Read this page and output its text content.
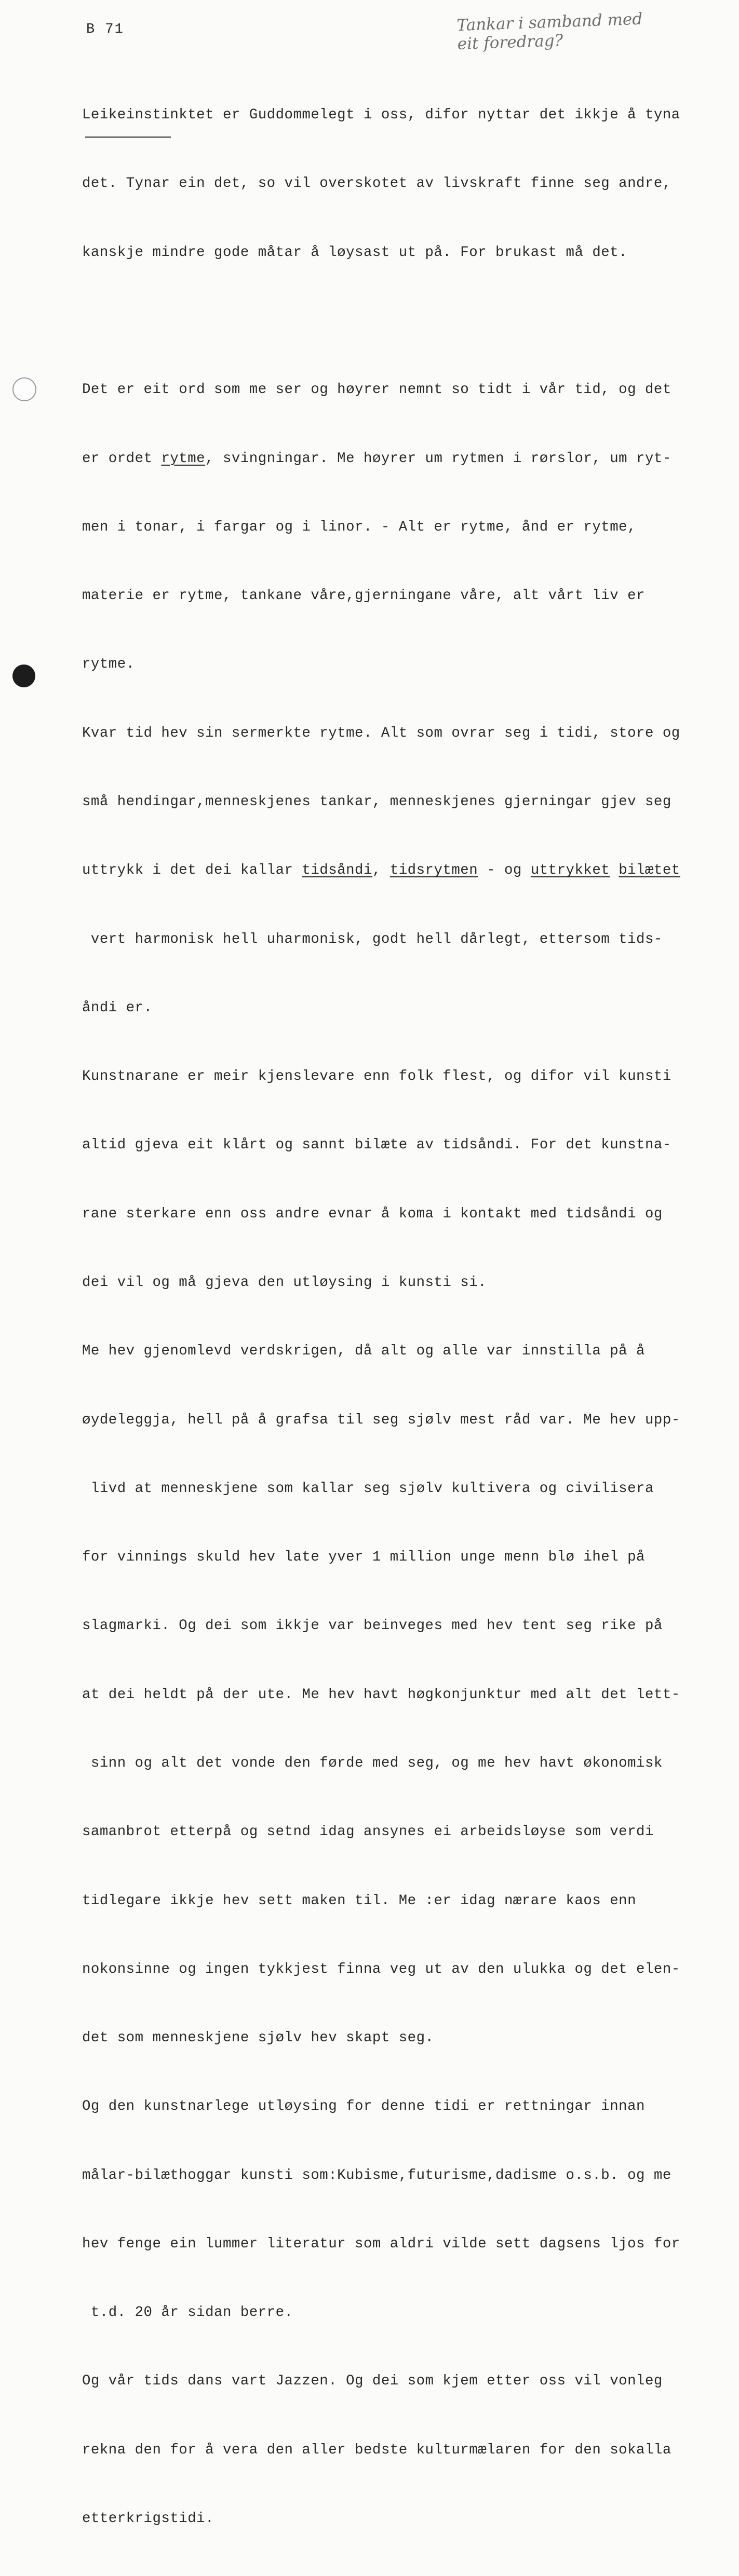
B 71	Tankar i samband med
eit foredrag?

Leikeinstinktet er Guddommelegt i oss, difor nyttar det ikkje å tyna

det. Tynar ein det, so vil overskotet av livskraft finne seg andre,

kanskje mindre gode måtar å løysast ut på. For brukast må det.

Det er eit ord som me ser og høyrer nemnt so tidt i vår tid, og det

er ordet rytme, svingningar. Me høyrer um rytmen i rørslor, um ryt-

men i tonar, i fargar og i linor. - Alt er rytme, ånd er rytme,

materie er rytme, tankane våre,gjerningane våre, alt vårt liv er

rytme.

Kvar tid hev sin sermerkte rytme. Alt som ovrar seg i tidi, store og

små hendingar,menneskjenes tankar, menneskjenes gjerningar gjev seg

uttrykk i det dei kallar tidsåndi, tidsrytmen - og uttrykket bilætet

vert harmonisk hell uharmonisk, godt hell dårlegt, ettersom tids-

åndi er.

Kunstnarane er meir kjenslevare enn folk flest, og difor vil kunsti

altid gjeva eit klårt og sannt bilæte av tidsåndi. For det kunstna-

rane sterkare enn oss andre evnar å koma i kontakt med tidsåndi og

dei vil og må gjeva den utløysing i kunsti si.

Me hev gjenomlevd verdskrigen, då alt og alle var innstilla på å

øydeleggja, hell på å grafsa til seg sjølv mest råd var. Me hev upp-

livd at menneskjene som kallar seg sjølv kultivera og civilisera

for vinnings skuld hev late yver 1 million unge menn blø ihel på

slagmarki. Og dei som ikkje var beinveges med hev tent seg rike på

at dei heldt på der ute. Me hev havt høgkonjunktur med alt det lett-

sinn og alt det vonde den førde med seg, og me hev havt økonomisk

samanbrot etterpå og setnd idag ansynes ei arbeidsløyse som verdi

tidlegare ikkje hev sett maken til. Me :er idag nærare kaos enn

nokonsinne og ingen tykkjest finna veg ut av den ulukka og det elen-

det som menneskjene sjølv hev skapt seg.

Og den kunstnarlege utløysing for denne tidi er rettningar innan

målar-bilæthoggar kunsti som:Kubisme,futurisme,dadisme o.s.b. og me

hev fenge ein lummer literatur som aldri vilde sett dagsens ljos for

t.d. 20 år sidan berre.

Og vår tids dans vart Jazzen. Og dei som kjem etter oss vil vonleg

rekna den for å vera den aller bedste kulturmælaren for den sokalla

etterkrigstidi.
